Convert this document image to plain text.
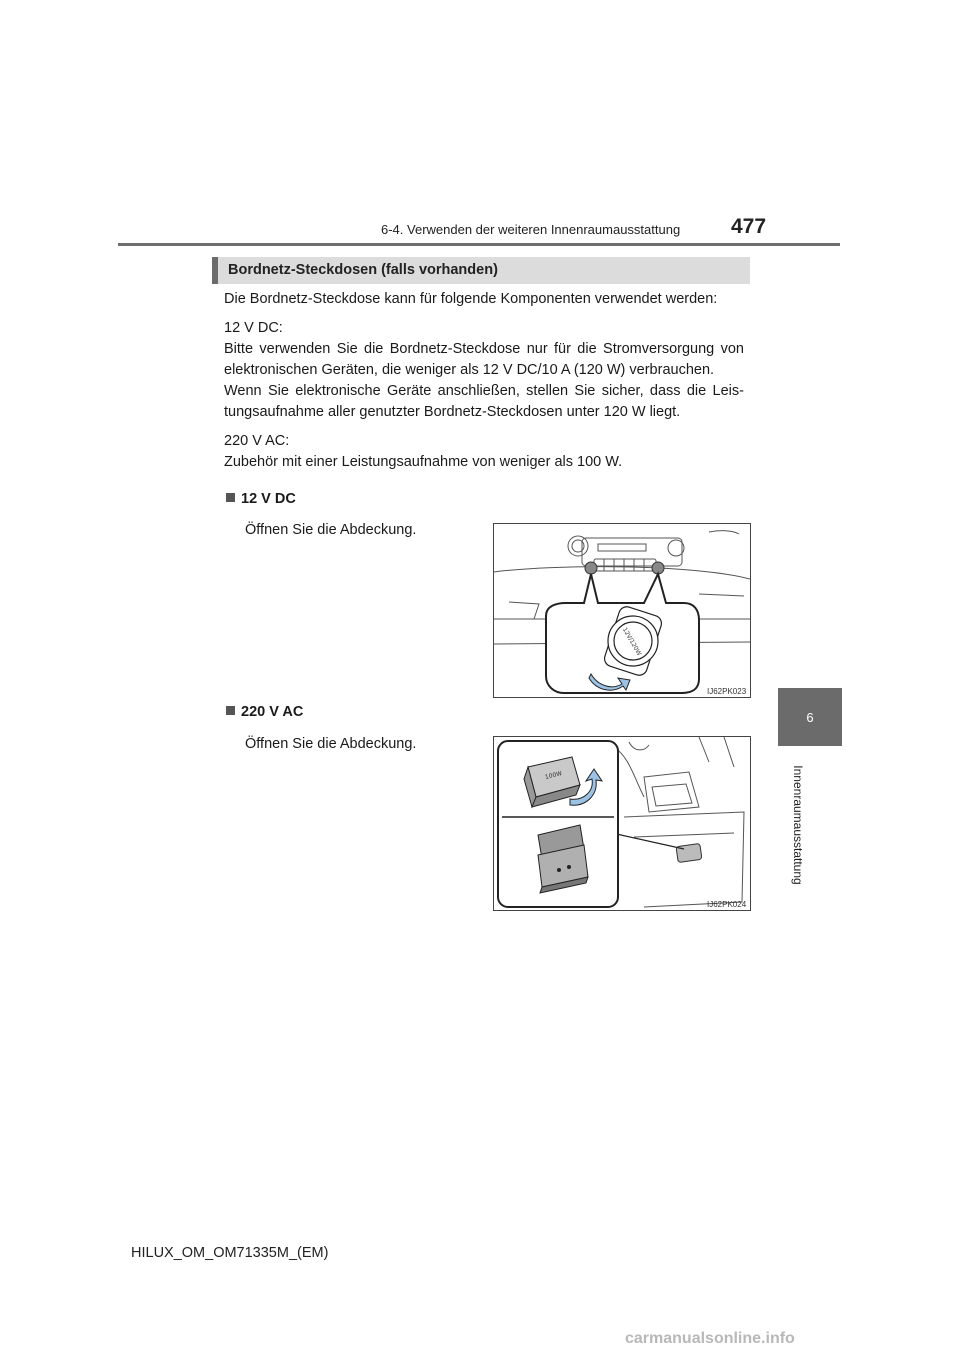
6-4. Verwenden der weiteren Innenraumausstattung 477
6
Innenraumausstattung
Bordnetz-Steckdosen (falls vorhanden)

Die Bordnetz-Steckdose kann für folgende Komponenten verwendet werden:

12 V DC:

Bitte verwenden Sie die Bordnetz-Steckdose nur für die Stromversorgung von elektronischen Geräten, die weniger als 12 V DC/10 A (120 W) verbrauchen.

Wenn Sie elektronische Geräte anschließen, stellen Sie sicher, dass die Leistungsaufnahme aller genutzter Bordnetz-Steckdosen unter 120 W liegt.

220 V AC:

Zubehör mit einer Leistungsaufnahme von weniger als 100 W.

12 V DC
Öffnen Sie die Abdeckung.
12V/120W
IJ62PK023
220 V AC
Öffnen Sie die Abdeckung.
100W
IJ62PK024
HILUX_OM_OM71335M_(EM)
carmanualsonline.info
